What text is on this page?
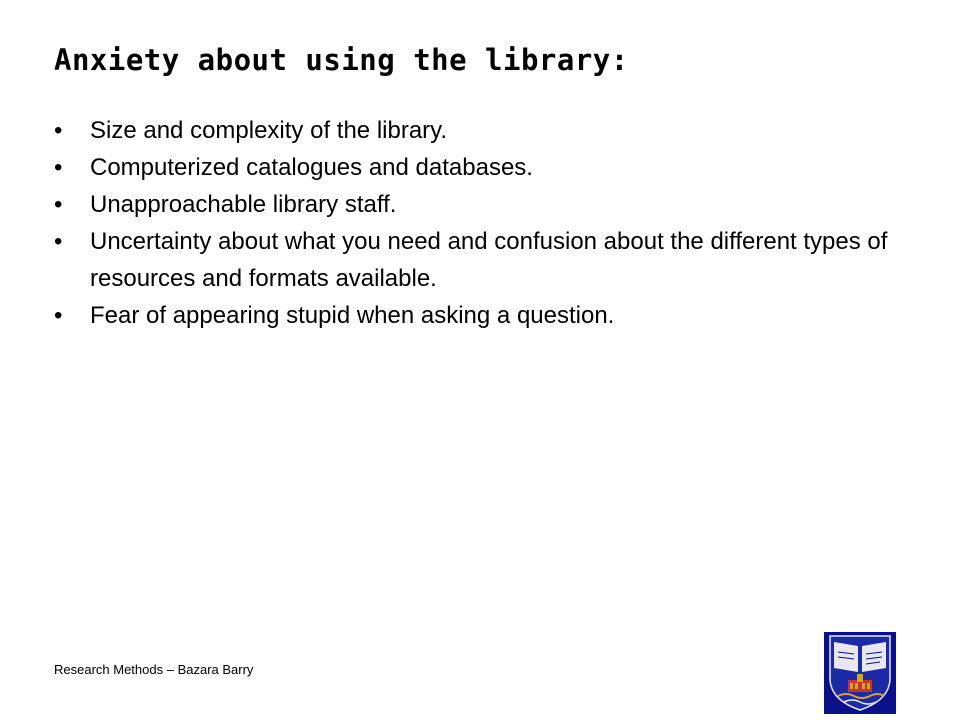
Anxiety about using the library:
• Size and complexity of the library.
• Computerized catalogues and databases.
• Unapproachable library staff.
• Uncertainty about what you need and confusion about the different types of resources and formats available.
• Fear of appearing stupid when asking a question.
Research Methods – Bazara Barry
